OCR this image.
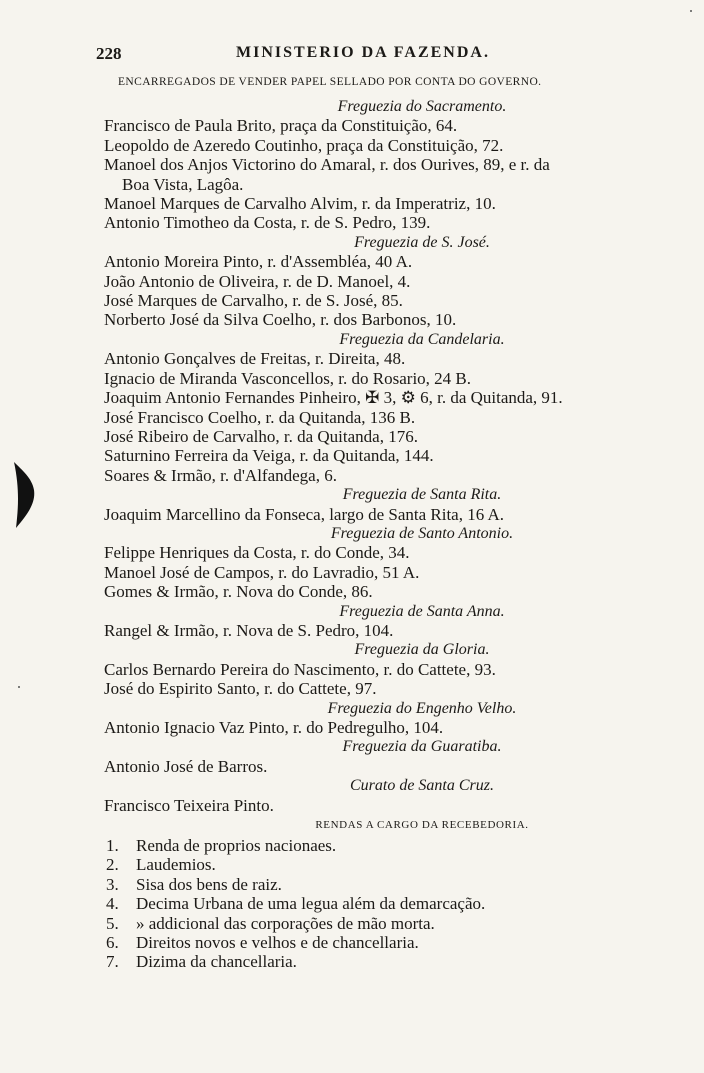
228	MINISTERIO DA FAZENDA.
ENCARREGADOS DE VENDER PAPEL SELLADO POR CONTA DO GOVERNO.

Freguezia do Sacramento.

Francisco de Paula Brito, praça da Constituição, 64.

Leopoldo de Azeredo Coutinho, praça da Constituição, 72.

Manoel dos Anjos Victorino do Amaral, r. dos Ourives, 89, e r. da

Boa Vista, Lagôa.

Manoel Marques de Carvalho Alvim, r. da Imperatriz, 10.

Antonio Timotheo da Costa, r. de S. Pedro, 139.

Freguezia de S. José.

Antonio Moreira Pinto, r. d'Assembléa, 40 A.

João Antonio de Oliveira, r. de D. Manoel, 4.

José Marques de Carvalho, r. de S. José, 85.

Norberto José da Silva Coelho, r. dos Barbonos, 10.

Freguezia da Candelaria.

Antonio Gonçalves de Freitas, r. Direita, 48.

Ignacio de Miranda Vasconcellos, r. do Rosario, 24 B.

Joaquim Antonio Fernandes Pinheiro, ✠ 3, ⚙ 6, r. da Quitanda, 91.

José Francisco Coelho, r. da Quitanda, 136 B.

José Ribeiro de Carvalho, r. da Quitanda, 176.

Saturnino Ferreira da Veiga, r. da Quitanda, 144.

Soares & Irmão, r. d'Alfandega, 6.

Freguezia de Santa Rita.

Joaquim Marcellino da Fonseca, largo de Santa Rita, 16 A.

Freguezia de Santo Antonio.

Felippe Henriques da Costa, r. do Conde, 34.

Manoel José de Campos, r. do Lavradio, 51 A.

Gomes & Irmão, r. Nova do Conde, 86.

Freguezia de Santa Anna.

Rangel & Irmão, r. Nova de S. Pedro, 104.

Freguezia da Gloria.

Carlos Bernardo Pereira do Nascimento, r. do Cattete, 93.

José do Espirito Santo, r. do Cattete, 97.

Freguezia do Engenho Velho.

Antonio Ignacio Vaz Pinto, r. do Pedregulho, 104.

Freguezia da Guaratiba.

Antonio José de Barros.

Curato de Santa Cruz.

Francisco Teixeira Pinto.

RENDAS A CARGO DA RECEBEDORIA.

1. Renda de proprios nacionaes.

2. Laudemios.

3. Sisa dos bens de raiz.

4. Decima Urbana de uma legua além da demarcação.

5. » addicional das corporações de mão morta.

6. Direitos novos e velhos e de chancellaria.

7. Dizima da chancellaria.
